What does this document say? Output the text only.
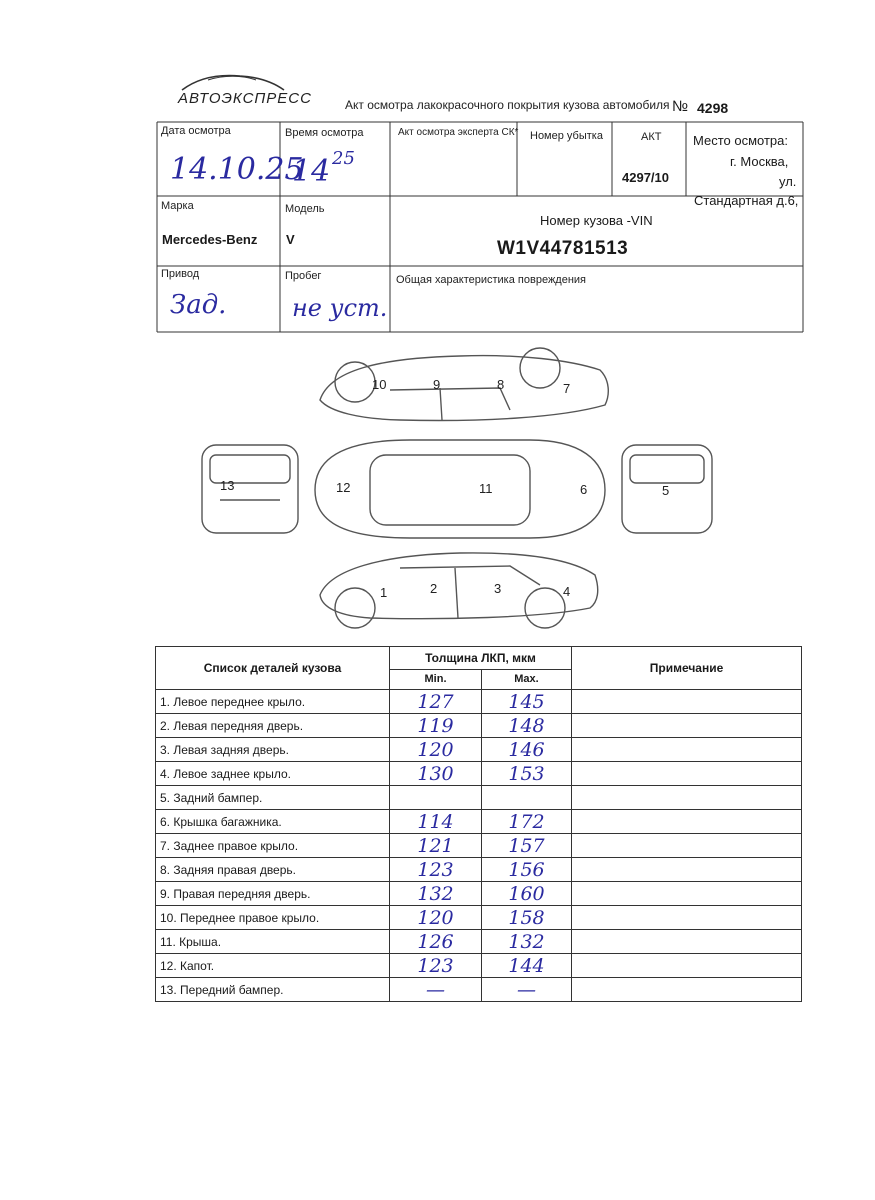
АВТОЭКСПРЕСС	Акт осмотра лакокрасочного покрытия кузова автомобиля № 4298
Дата осмотра
14.10.25
Время осмотра
14 25
Акт осмотра эксперта СК* Номер убытка	АКТ
4297/10
Место осмотра:
г. Москва,
ул.
Стандартная д.6,
Марка
Mercedes-Benz
Модель
V
Номер кузова -VIN
W1V44781513
Привод
Зад.
Пробег
не уст.
Общая характеристика повреждения
10	9	8	7
13	12	11	6	5
2	3	4
1
Список деталей кузова	Толщина ЛКП, мкм		Примечание
	Min.	Max.	
1. Левое переднее крыло.	127	145	
2. Левая передняя дверь.	119	148	
3. Левая задняя дверь.	120	146	
4. Левое заднее крыло.	130	153	
5. Задний бампер.			
6. Крышка багажника.	114	172	
7. Заднее правое крыло.	121	157	
8. Задняя правая дверь.	123	156	
9. Правая передняя дверь.	132	160	
10. Переднее правое крыло.	120	158	
11. Крыша.	126	132	
12. Капот.	123	144	
13. Передний бампер.	—	—	
